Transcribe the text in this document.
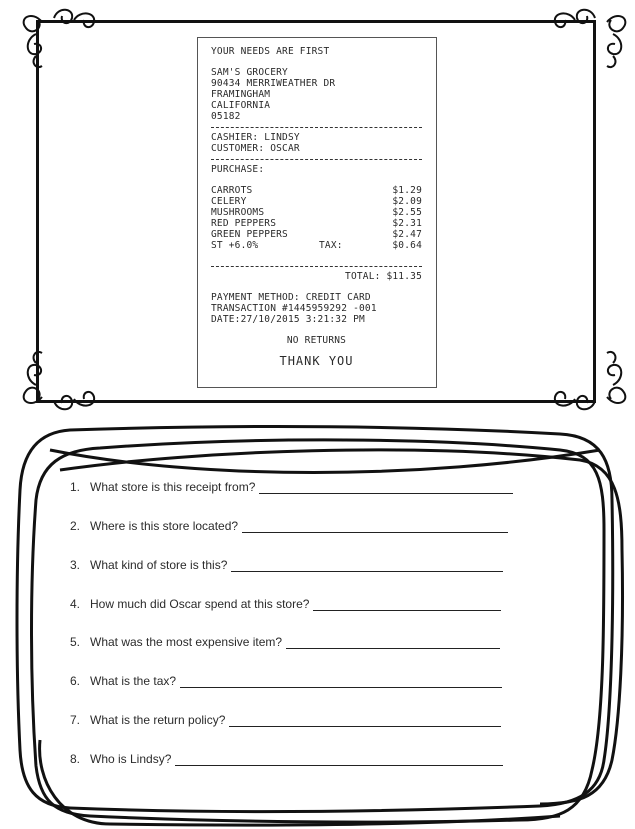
YOUR NEEDS ARE FIRST
SAM'S GROCERY
90434 MERRIWEATHER DR
FRAMINGHAM
CALIFORNIA
05182
CASHIER: LINDSY
CUSTOMER: OSCAR
PURCHASE:
CARROTS	$1.29
CELERY	$2.09
MUSHROOMS	$2.55
RED PEPPERS	$2.31
GREEN PEPPERS	$2.47
ST +6.0%	TAX:	$0.64
TOTAL: $11.35
PAYMENT METHOD: CREDIT CARD
TRANSACTION #1445959292 -001
DATE:27/10/2015 3:21:32 PM
NO RETURNS
THANK YOU
1. What store is this receipt from?
2. Where is this store located?
3. What kind of store is this?
4. How much did Oscar spend at this store?
5. What was the most expensive item?
6. What is the tax?
7. What is the return policy?
8. Who is Lindsy?
